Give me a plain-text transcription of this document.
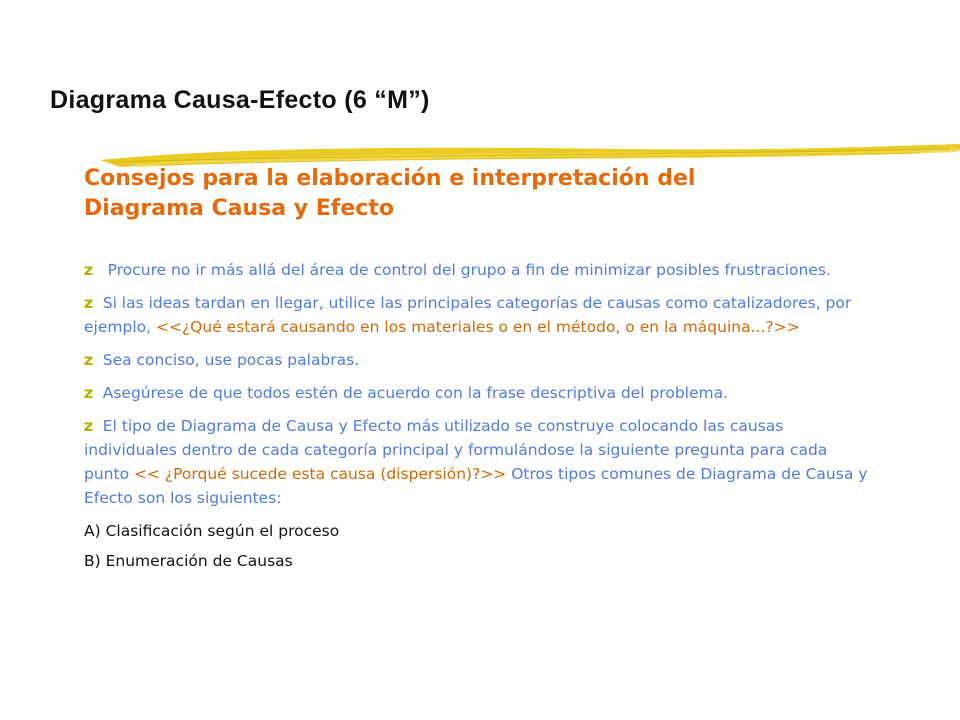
Diagrama Causa-Efecto (6 “M”)
Consejos para la elaboración e interpretación del
Diagrama Causa y Efecto

z Procure no ir más allá del área de control del grupo a fin de minimizar posibles frustraciones.

z Si las ideas tardan en llegar, utilice las principales categorías de causas como catalizadores, por ejemplo, <<¿Qué estará causando en los materiales o en el método, o en la máquina...?>>

z Sea conciso, use pocas palabras.

z Asegúrese de que todos estén de acuerdo con la frase descriptiva del problema.

z El tipo de Diagrama de Causa y Efecto más utilizado se construye colocando las causas individuales dentro de cada categoría principal y formulándose la siguiente pregunta para cada punto << ¿Porqué sucede esta causa (dispersión)?>> Otros tipos comunes de Diagrama de Causa y Efecto son los siguientes:

A) Clasificación según el proceso

B) Enumeración de Causas
